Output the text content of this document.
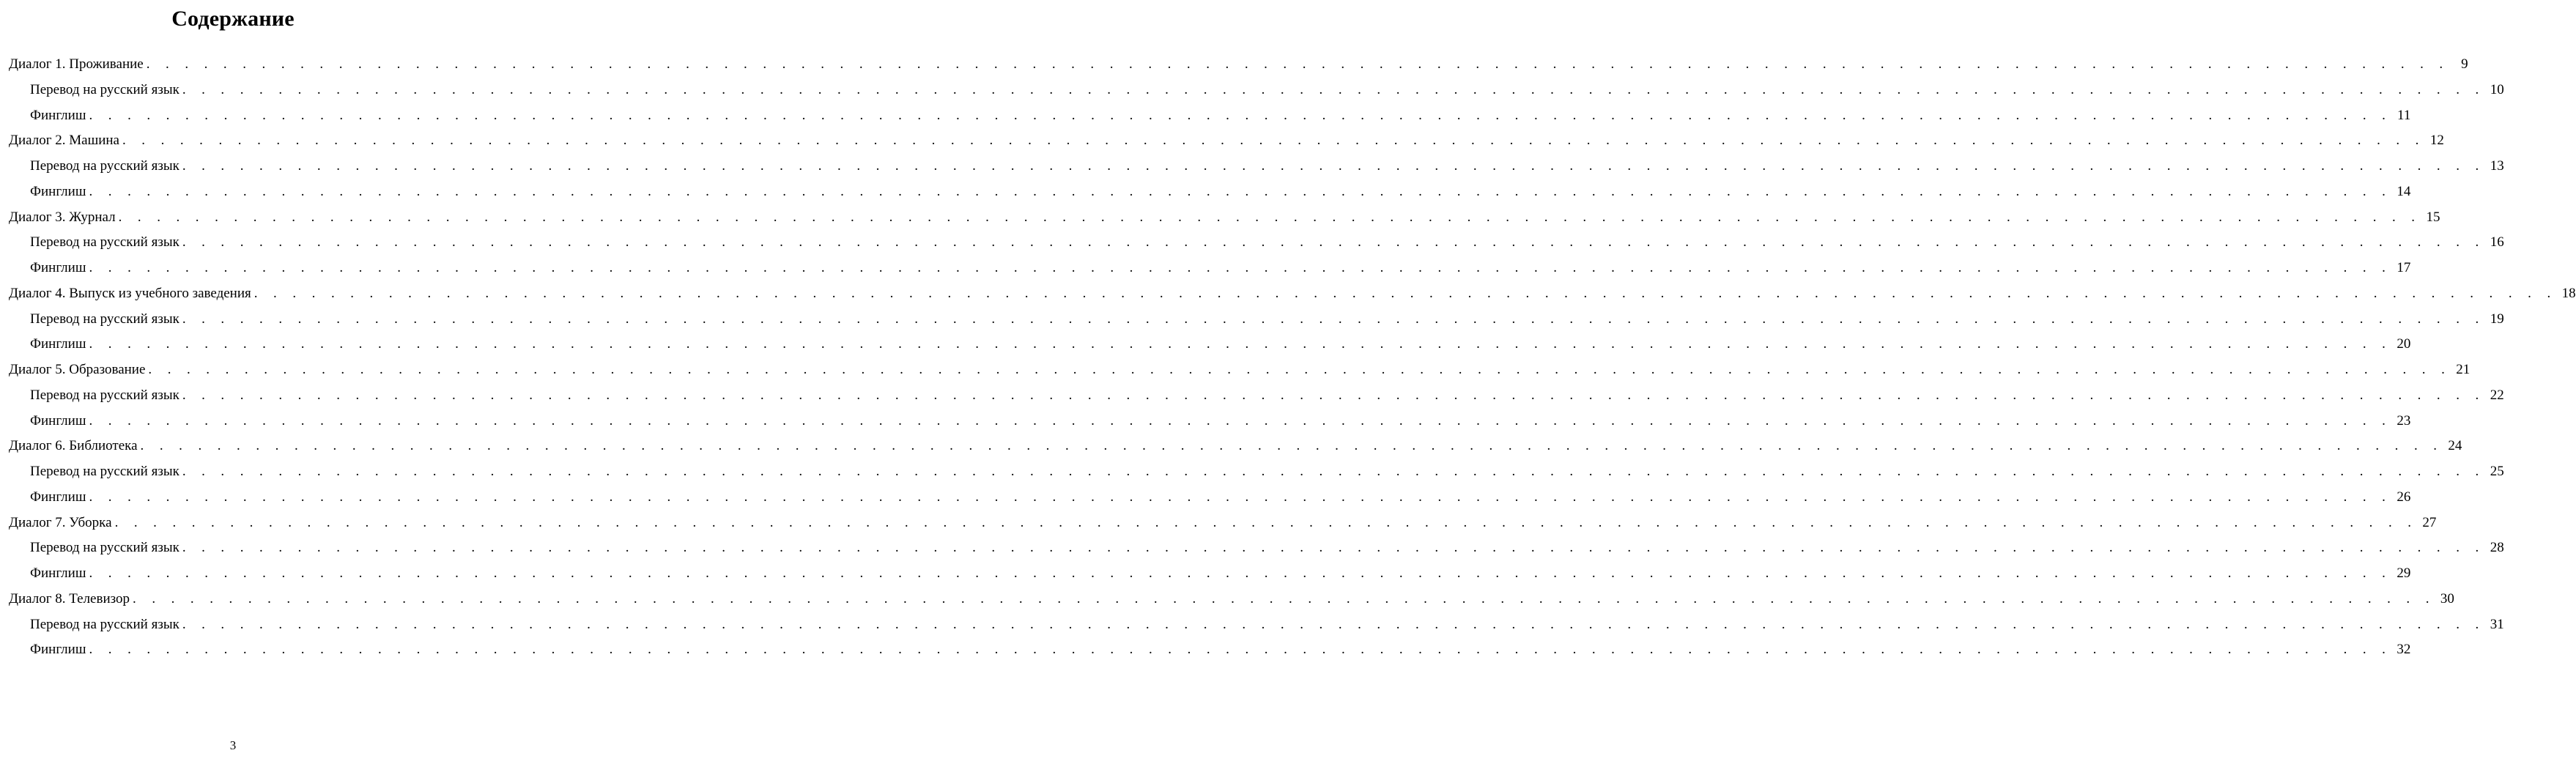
Содержание
Диалог 1. Проживание . . . . . . . . . . . . . . . . . . . . . . . . . . . . . . . . . . . . . . . . . . . . . . . . . . . . . . . . . . . . . . . . . . . . . . . . . . . . . . . . . . . . . . . . . . . . . . . . . . . . . . . . . . . . . . . . . . . . . . . . 9
Перевод на русский язык . . . . . . . . . . . . . . . . . . . . . . . . . . . . . . . . . . . . . . . . . . . . . . . . . . . . . . . . . . . . . . . . . . . . . . . . . . . . . . . . . . . . . . . . . . . . . . . . . . . . . . . . . . . . . . . . . . . . . . . . 10
Финглиш . . . . . . . . . . . . . . . . . . . . . . . . . . . . . . . . . . . . . . . . . . . . . . . . . . . . . . . . . . . . . . . . . . . . . . . . . . . . . . . . . . . . . . . . . . . . . . . . . . . . . . . . . . . . . . . . . . . . . . . . 11
Диалог 2. Машина . . . . . . . . . . . . . . . . . . . . . . . . . . . . . . . . . . . . . . . . . . . . . . . . . . . . . . . . . . . . . . . . . . . . . . . . . . . . . . . . . . . . . . . . . . . . . . . . . . . . . . . . . . . . . . . . . . . . . . . . 12
Перевод на русский язык . . . . . . . . . . . . . . . . . . . . . . . . . . . . . . . . . . . . . . . . . . . . . . . . . . . . . . . . . . . . . . . . . . . . . . . . . . . . . . . . . . . . . . . . . . . . . . . . . . . . . . . . . . . . . . . . . . . . . . . . 13
Финглиш . . . . . . . . . . . . . . . . . . . . . . . . . . . . . . . . . . . . . . . . . . . . . . . . . . . . . . . . . . . . . . . . . . . . . . . . . . . . . . . . . . . . . . . . . . . . . . . . . . . . . . . . . . . . . . . . . . . . . . . . 14
Диалог 3. Журнал . . . . . . . . . . . . . . . . . . . . . . . . . . . . . . . . . . . . . . . . . . . . . . . . . . . . . . . . . . . . . . . . . . . . . . . . . . . . . . . . . . . . . . . . . . . . . . . . . . . . . . . . . . . . . . . . . . . . . . . . 15
Перевод на русский язык . . . . . . . . . . . . . . . . . . . . . . . . . . . . . . . . . . . . . . . . . . . . . . . . . . . . . . . . . . . . . . . . . . . . . . . . . . . . . . . . . . . . . . . . . . . . . . . . . . . . . . . . . . . . . . . . . . . . . . . . 16
Финглиш . . . . . . . . . . . . . . . . . . . . . . . . . . . . . . . . . . . . . . . . . . . . . . . . . . . . . . . . . . . . . . . . . . . . . . . . . . . . . . . . . . . . . . . . . . . . . . . . . . . . . . . . . . . . . . . . . . . . . . . . 17
Диалог 4. Выпуск из учебного заведения . . . . . . . . . . . . . . . . . . . . . . . . . . . . . . . . . . . . . . . . . . . . . . . . . . . . . . . . . . . . . . . . . . . . . . . . . . . . . . . . . . . . . . . . . . . . . . . . . . . . . . . . . . . . . . . . . . . . . . . . 18
Перевод на русский язык . . . . . . . . . . . . . . . . . . . . . . . . . . . . . . . . . . . . . . . . . . . . . . . . . . . . . . . . . . . . . . . . . . . . . . . . . . . . . . . . . . . . . . . . . . . . . . . . . . . . . . . . . . . . . . . . . . . . . . . . 19
Финглиш . . . . . . . . . . . . . . . . . . . . . . . . . . . . . . . . . . . . . . . . . . . . . . . . . . . . . . . . . . . . . . . . . . . . . . . . . . . . . . . . . . . . . . . . . . . . . . . . . . . . . . . . . . . . . . . . . . . . . . . . 20
Диалог 5. Образование . . . . . . . . . . . . . . . . . . . . . . . . . . . . . . . . . . . . . . . . . . . . . . . . . . . . . . . . . . . . . . . . . . . . . . . . . . . . . . . . . . . . . . . . . . . . . . . . . . . . . . . . . . . . . . . . . . . . . . . . 21
Перевод на русский язык . . . . . . . . . . . . . . . . . . . . . . . . . . . . . . . . . . . . . . . . . . . . . . . . . . . . . . . . . . . . . . . . . . . . . . . . . . . . . . . . . . . . . . . . . . . . . . . . . . . . . . . . . . . . . . . . . . . . . . . . 22
Финглиш . . . . . . . . . . . . . . . . . . . . . . . . . . . . . . . . . . . . . . . . . . . . . . . . . . . . . . . . . . . . . . . . . . . . . . . . . . . . . . . . . . . . . . . . . . . . . . . . . . . . . . . . . . . . . . . . . . . . . . . . 23
Диалог 6. Библиотека . . . . . . . . . . . . . . . . . . . . . . . . . . . . . . . . . . . . . . . . . . . . . . . . . . . . . . . . . . . . . . . . . . . . . . . . . . . . . . . . . . . . . . . . . . . . . . . . . . . . . . . . . . . . . . . . . . . . . . . . 24
Перевод на русский язык . . . . . . . . . . . . . . . . . . . . . . . . . . . . . . . . . . . . . . . . . . . . . . . . . . . . . . . . . . . . . . . . . . . . . . . . . . . . . . . . . . . . . . . . . . . . . . . . . . . . . . . . . . . . . . . . . . . . . . . . 25
Финглиш . . . . . . . . . . . . . . . . . . . . . . . . . . . . . . . . . . . . . . . . . . . . . . . . . . . . . . . . . . . . . . . . . . . . . . . . . . . . . . . . . . . . . . . . . . . . . . . . . . . . . . . . . . . . . . . . . . . . . . . . 26
Диалог 7. Уборка . . . . . . . . . . . . . . . . . . . . . . . . . . . . . . . . . . . . . . . . . . . . . . . . . . . . . . . . . . . . . . . . . . . . . . . . . . . . . . . . . . . . . . . . . . . . . . . . . . . . . . . . . . . . . . . . . . . . . . . . 27
Перевод на русский язык . . . . . . . . . . . . . . . . . . . . . . . . . . . . . . . . . . . . . . . . . . . . . . . . . . . . . . . . . . . . . . . . . . . . . . . . . . . . . . . . . . . . . . . . . . . . . . . . . . . . . . . . . . . . . . . . . . . . . . . . 28
Финглиш . . . . . . . . . . . . . . . . . . . . . . . . . . . . . . . . . . . . . . . . . . . . . . . . . . . . . . . . . . . . . . . . . . . . . . . . . . . . . . . . . . . . . . . . . . . . . . . . . . . . . . . . . . . . . . . . . . . . . . . . 29
Диалог 8. Телевизор . . . . . . . . . . . . . . . . . . . . . . . . . . . . . . . . . . . . . . . . . . . . . . . . . . . . . . . . . . . . . . . . . . . . . . . . . . . . . . . . . . . . . . . . . . . . . . . . . . . . . . . . . . . . . . . . . . . . . . . . 30
Перевод на русский язык . . . . . . . . . . . . . . . . . . . . . . . . . . . . . . . . . . . . . . . . . . . . . . . . . . . . . . . . . . . . . . . . . . . . . . . . . . . . . . . . . . . . . . . . . . . . . . . . . . . . . . . . . . . . . . . . . . . . . . . . 31
Финглиш . . . . . . . . . . . . . . . . . . . . . . . . . . . . . . . . . . . . . . . . . . . . . . . . . . . . . . . . . . . . . . . . . . . . . . . . . . . . . . . . . . . . . . . . . . . . . . . . . . . . . . . . . . . . . . . . . . . . . . . . 32
3
